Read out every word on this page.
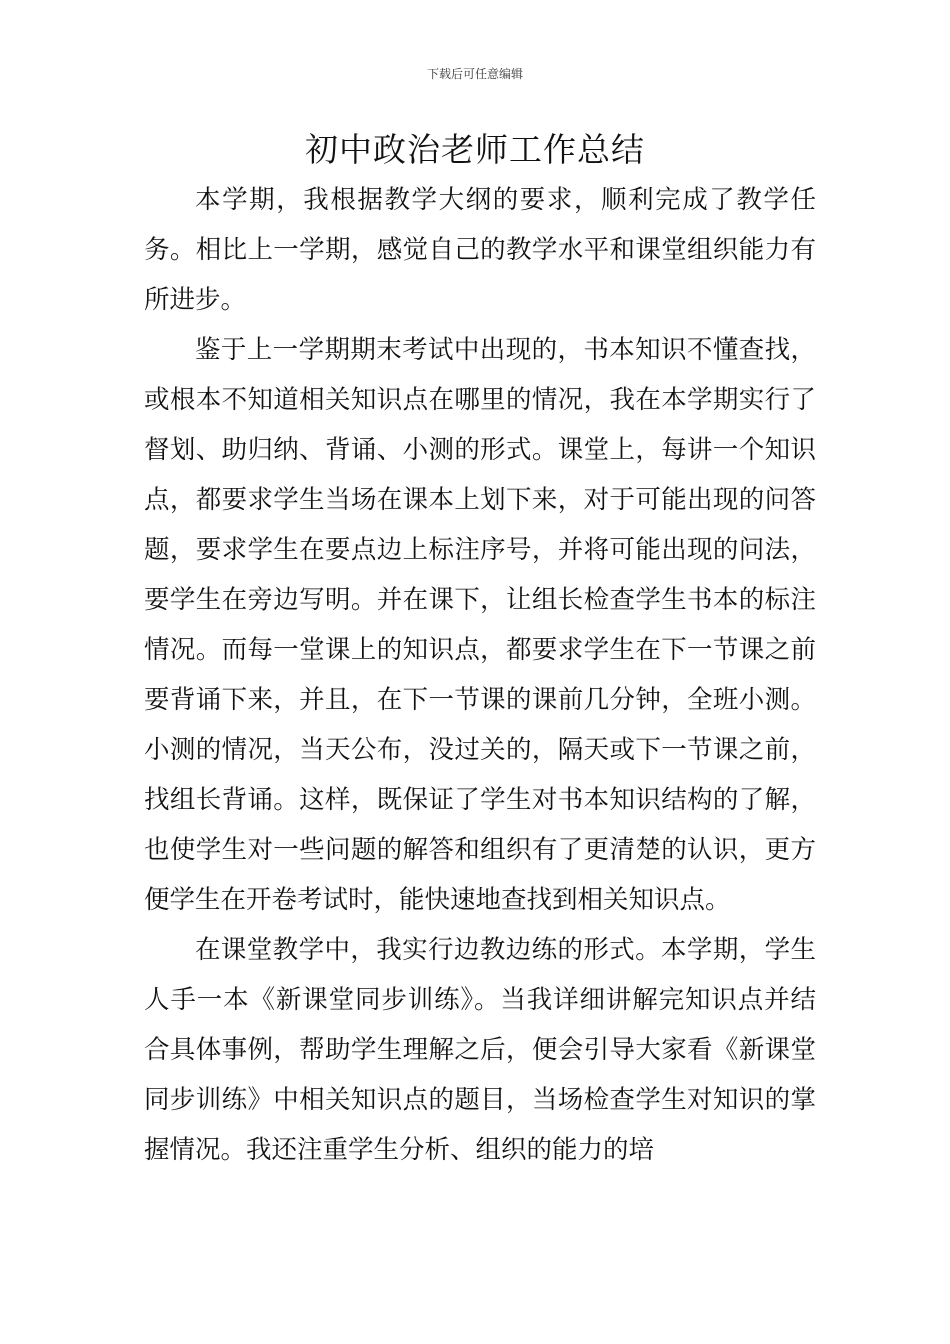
下载后可任意编辑
初中政治老师工作总结

本学期，我根据教学大纲的要求，顺利完成了教学任务。相比上一学期，感觉自己的教学水平和课堂组织能力有所进步。

鉴于上一学期期末考试中出现的，书本知识不懂查找，或根本不知道相关知识点在哪里的情况，我在本学期实行了督划、助归纳、背诵、小测的形式。课堂上，每讲一个知识点，都要求学生当场在课本上划下来，对于可能出现的问答题，要求学生在要点边上标注序号，并将可能出现的问法，要学生在旁边写明。并在课下，让组长检查学生书本的标注情况。而每一堂课上的知识点，都要求学生在下一节课之前要背诵下来，并且，在下一节课的课前几分钟，全班小测。小测的情况，当天公布，没过关的，隔天或下一节课之前，找组长背诵。这样，既保证了学生对书本知识结构的了解，也使学生对一些问题的解答和组织有了更清楚的认识，更方便学生在开卷考试时，能快速地查找到相关知识点。

在课堂教学中，我实行边教边练的形式。本学期，学生人手一本《新课堂同步训练》。当我详细讲解完知识点并结合具体事例，帮助学生理解之后，便会引导大家看《新课堂同步训练》中相关知识点的题目，当场检查学生对知识的掌握情况。我还注重学生分析、组织的能力的培
